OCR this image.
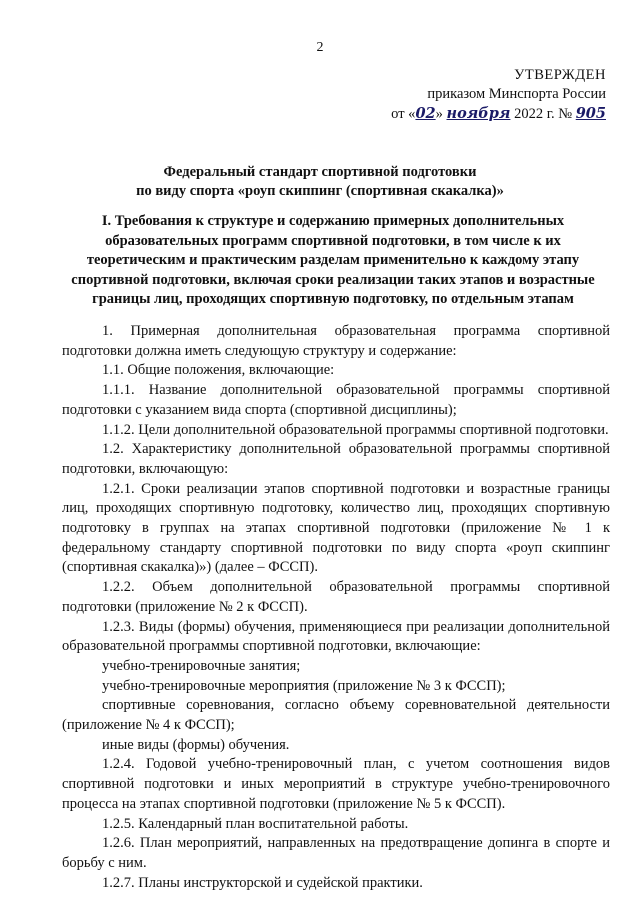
2
УТВЕРЖДЕН
приказом Минспорта России
от «02» ноября 2022 г. № 905
Федеральный стандарт спортивной подготовки
по виду спорта «роуп скиппинг (спортивная скакалка)»
I. Требования к структуре и содержанию примерных дополнительных образовательных программ спортивной подготовки, в том числе к их теоретическим и практическим разделам применительно к каждому этапу спортивной подготовки, включая сроки реализации таких этапов и возрастные границы лиц, проходящих спортивную подготовку, по отдельным этапам

1. Примерная дополнительная образовательная программа спортивной подготовки должна иметь следующую структуру и содержание:

1.1. Общие положения, включающие:

1.1.1. Название дополнительной образовательной программы спортивной подготовки с указанием вида спорта (спортивной дисциплины);

1.1.2. Цели дополнительной образовательной программы спортивной подготовки.

1.2. Характеристику дополнительной образовательной программы спортивной подготовки, включающую:

1.2.1. Сроки реализации этапов спортивной подготовки и возрастные границы лиц, проходящих спортивную подготовку, количество лиц, проходящих спортивную подготовку в группах на этапах спортивной подготовки (приложение № 1 к федеральному стандарту спортивной подготовки по виду спорта «роуп скиппинг (спортивная скакалка)») (далее – ФССП).

1.2.2. Объем дополнительной образовательной программы спортивной подготовки (приложение № 2 к ФССП).

1.2.3. Виды (формы) обучения, применяющиеся при реализации дополнительной образовательной программы спортивной подготовки, включающие:

учебно-тренировочные занятия;

учебно-тренировочные мероприятия (приложение № 3 к ФССП);

спортивные соревнования, согласно объему соревновательной деятельности (приложение № 4 к ФССП);

иные виды (формы) обучения.

1.2.4. Годовой учебно-тренировочный план, с учетом соотношения видов спортивной подготовки и иных мероприятий в структуре учебно-тренировочного процесса на этапах спортивной подготовки (приложение № 5 к ФССП).

1.2.5. Календарный план воспитательной работы.

1.2.6. План мероприятий, направленных на предотвращение допинга в спорте и борьбу с ним.

1.2.7. Планы инструкторской и судейской практики.
